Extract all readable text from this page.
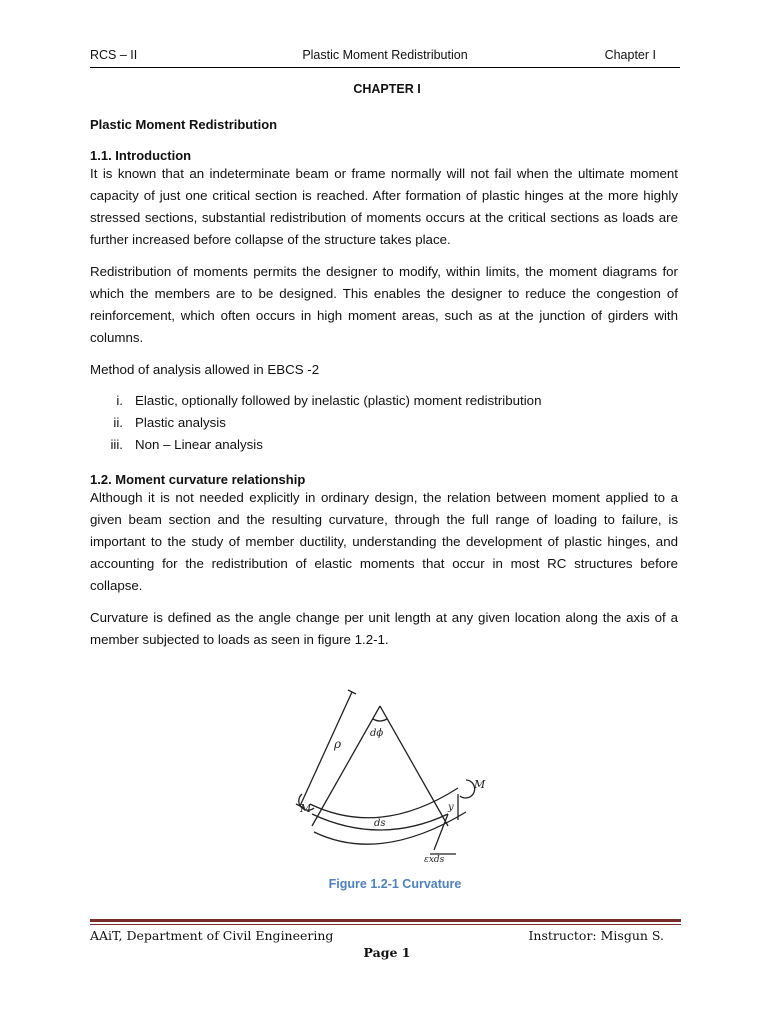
RCS – II	Plastic Moment Redistribution	Chapter I
CHAPTER I
Plastic Moment Redistribution
1.1. Introduction

It is known that an indeterminate beam or frame normally will not fail when the ultimate moment capacity of just one critical section is reached. After formation of plastic hinges at the more highly stressed sections, substantial redistribution of moments occurs at the critical sections as loads are further increased before collapse of the structure takes place.

Redistribution of moments permits the designer to modify, within limits, the moment diagrams for which the members are to be designed. This enables the designer to reduce the congestion of reinforcement, which often occurs in high moment areas, such as at the junction of girders with columns.

Method of analysis allowed in EBCS -2

i. Elastic, optionally followed by inelastic (plastic) moment redistribution
ii. Plastic analysis
iii. Non – Linear analysis
1.2. Moment curvature relationship

Although it is not needed explicitly in ordinary design, the relation between moment applied to a given beam section and the resulting curvature, through the full range of loading to failure, is important to the study of member ductility, understanding the development of plastic hinges, and accounting for the redistribution of elastic moments that occur in most RC structures before collapse.

Curvature is defined as the angle change per unit length at any given location along the axis of a member subjected to loads as seen in figure 1.2-1.

ρ
dϕ
M
M
ds
y
εxds
Figure 1.2-1 Curvature
AAiT, Department of Civil Engineering	Instructor: Misgun S.
Page 1
